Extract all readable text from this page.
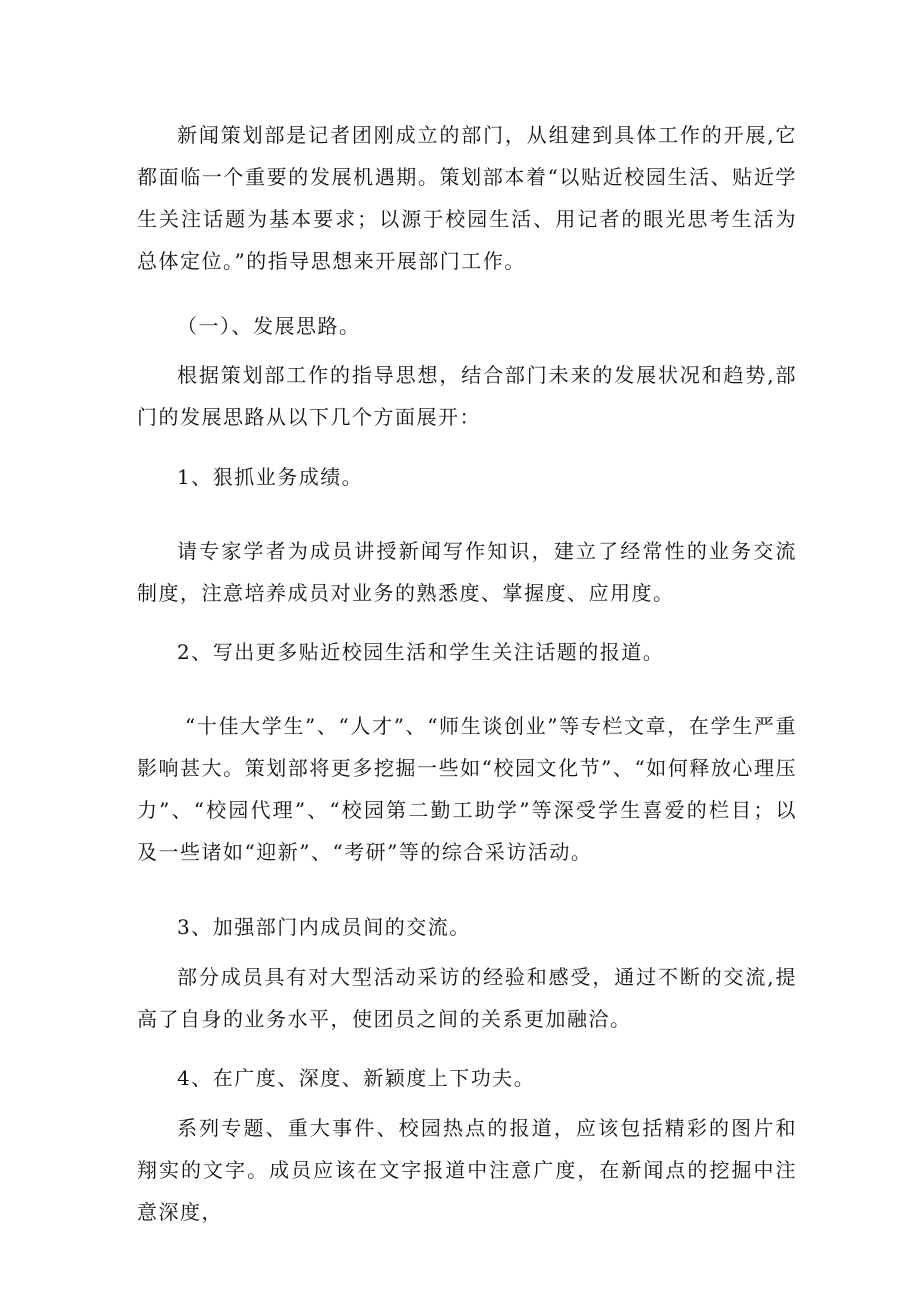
新闻策划部是记者团刚成立的部门，从组建到具体工作的开展,它都面临一个重要的发展机遇期。策划部本着“以贴近校园生活、贴近学生关注话题为基本要求；以源于校园生活、用记者的眼光思考生活为总体定位。”的指导思想来开展部门工作。

（一）、发展思路。

根据策划部工作的指导思想，结合部门未来的发展状况和趋势,部门的发展思路从以下几个方面展开：

1、狠抓业务成绩。

请专家学者为成员讲授新闻写作知识，建立了经常性的业务交流制度，注意培养成员对业务的熟悉度、掌握度、应用度。

2、写出更多贴近校园生活和学生关注话题的报道。

“十佳大学生”、“人才”、“师生谈创业”等专栏文章，在学生严重影响甚大。策划部将更多挖掘一些如“校园文化节”、“如何释放心理压力”、“校园代理”、“校园第二勤工助学”等深受学生喜爱的栏目；以及一些诸如“迎新”、“考研”等的综合采访活动。

3、加强部门内成员间的交流。

部分成员具有对大型活动采访的经验和感受，通过不断的交流,提高了自身的业务水平，使团员之间的关系更加融洽。

4、在广度、深度、新颖度上下功夫。

系列专题、重大事件、校园热点的报道，应该包括精彩的图片和翔实的文字。成员应该在文字报道中注意广度，在新闻点的挖掘中注意深度，
